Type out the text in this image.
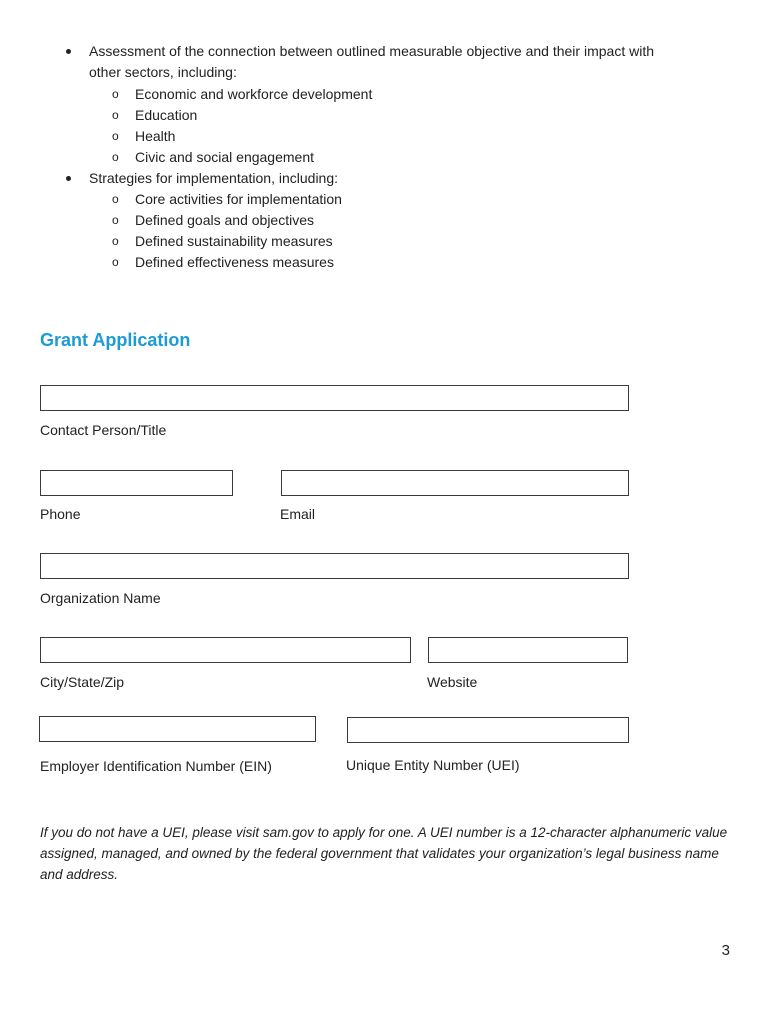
Assessment of the connection between outlined measurable objective and their impact with
other sectors, including:
o Economic and workforce development
o Education
o Health
o Civic and social engagement
Strategies for implementation, including:
o Core activities for implementation
o Defined goals and objectives
o Defined sustainability measures
o Defined effectiveness measures
Grant Application
Contact Person/Title
Phone	Email
Organization Name
City/State/Zip	Website
Employer Identification Number (EIN)	Unique Entity Number (UEI)
If you do not have a UEI, please visit sam.gov to apply for one. A UEI number is a 12-character alphanumeric value assigned, managed, and owned by the federal government that validates your organization’s legal business name and address.
3
